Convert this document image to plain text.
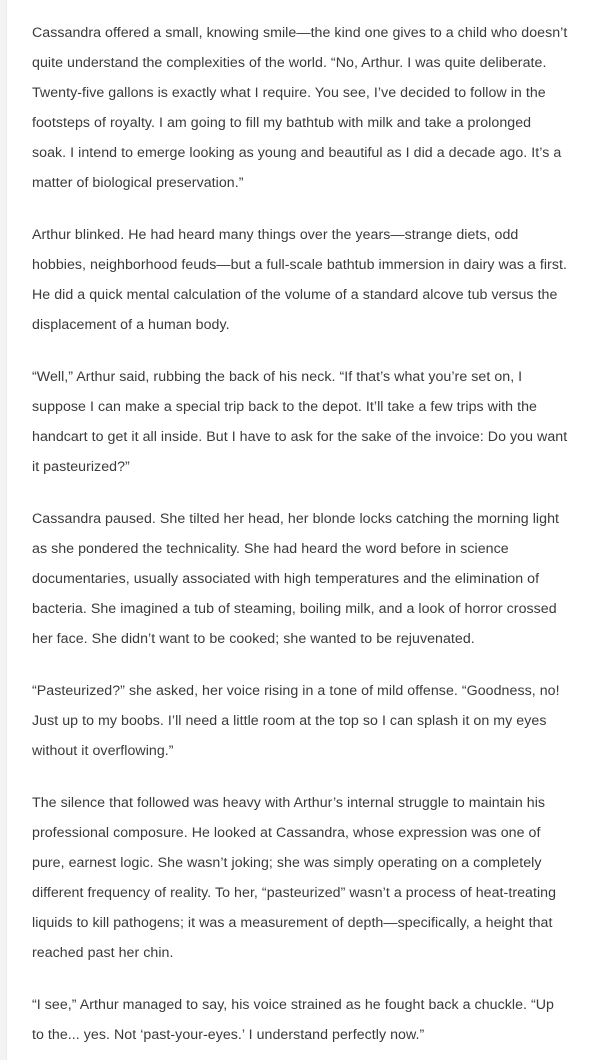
Cassandra offered a small, knowing smile—the kind one gives to a child who doesn’t quite understand the complexities of the world. “No, Arthur. I was quite deliberate. Twenty-five gallons is exactly what I require. You see, I’ve decided to follow in the footsteps of royalty. I am going to fill my bathtub with milk and take a prolonged soak. I intend to emerge looking as young and beautiful as I did a decade ago. It’s a matter of biological preservation.”

Arthur blinked. He had heard many things over the years—strange diets, odd hobbies, neighborhood feuds—but a full-scale bathtub immersion in dairy was a first. He did a quick mental calculation of the volume of a standard alcove tub versus the displacement of a human body.

“Well,” Arthur said, rubbing the back of his neck. “If that’s what you’re set on, I suppose I can make a special trip back to the depot. It’ll take a few trips with the handcart to get it all inside. But I have to ask for the sake of the invoice: Do you want it pasteurized?”

Cassandra paused. She tilted her head, her blonde locks catching the morning light as she pondered the technicality. She had heard the word before in science documentaries, usually associated with high temperatures and the elimination of bacteria. She imagined a tub of steaming, boiling milk, and a look of horror crossed her face. She didn’t want to be cooked; she wanted to be rejuvenated.

“Pasteurized?” she asked, her voice rising in a tone of mild offense. “Goodness, no! Just up to my boobs. I’ll need a little room at the top so I can splash it on my eyes without it overflowing.”

The silence that followed was heavy with Arthur’s internal struggle to maintain his professional composure. He looked at Cassandra, whose expression was one of pure, earnest logic. She wasn’t joking; she was simply operating on a completely different frequency of reality. To her, “pasteurized” wasn’t a process of heat-treating liquids to kill pathogens; it was a measurement of depth—specifically, a height that reached past her chin.

“I see,” Arthur managed to say, his voice strained as he fought back a chuckle. “Up to the... yes. Not ‘past-your-eyes.’ I understand perfectly now.”
